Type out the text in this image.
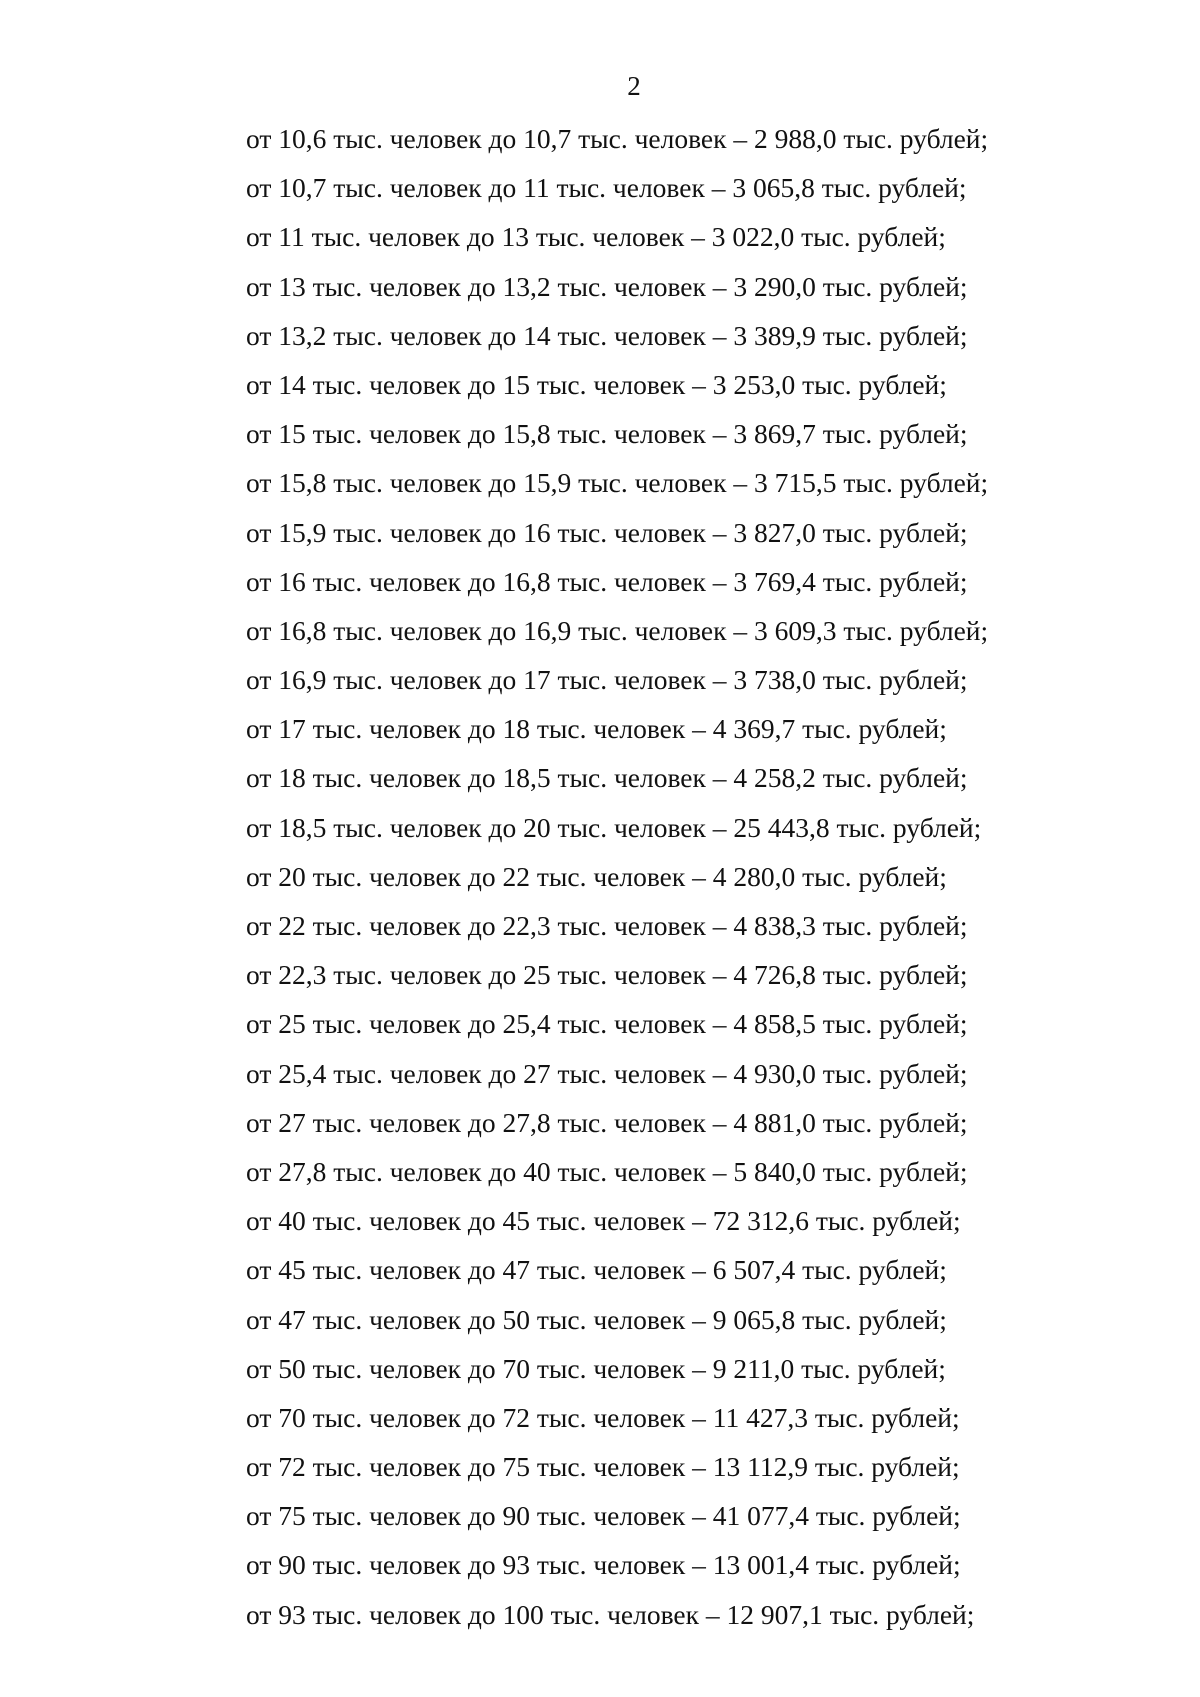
2
от 10,6 тыс. человек до 10,7 тыс. человек – 2 988,0 тыс. рублей;
от 10,7 тыс. человек до 11 тыс. человек – 3 065,8 тыс. рублей;
от 11 тыс. человек до 13 тыс. человек – 3 022,0 тыс. рублей;
от 13 тыс. человек до 13,2 тыс. человек – 3 290,0 тыс. рублей;
от 13,2 тыс. человек до 14 тыс. человек – 3 389,9 тыс. рублей;
от 14 тыс. человек до 15 тыс. человек – 3 253,0 тыс. рублей;
от 15 тыс. человек до 15,8 тыс. человек – 3 869,7 тыс. рублей;
от 15,8 тыс. человек до 15,9 тыс. человек – 3 715,5 тыс. рублей;
от 15,9 тыс. человек до 16 тыс. человек – 3 827,0 тыс. рублей;
от 16 тыс. человек до 16,8 тыс. человек – 3 769,4 тыс. рублей;
от 16,8 тыс. человек до 16,9 тыс. человек – 3 609,3 тыс. рублей;
от 16,9 тыс. человек до 17 тыс. человек – 3 738,0 тыс. рублей;
от 17 тыс. человек до 18 тыс. человек – 4 369,7 тыс. рублей;
от 18 тыс. человек до 18,5 тыс. человек – 4 258,2 тыс. рублей;
от 18,5 тыс. человек до 20 тыс. человек – 25 443,8 тыс. рублей;
от 20 тыс. человек до 22 тыс. человек – 4 280,0 тыс. рублей;
от 22 тыс. человек до 22,3 тыс. человек – 4 838,3 тыс. рублей;
от 22,3 тыс. человек до 25 тыс. человек – 4 726,8 тыс. рублей;
от 25 тыс. человек до 25,4 тыс. человек – 4 858,5 тыс. рублей;
от 25,4 тыс. человек до 27 тыс. человек – 4 930,0 тыс. рублей;
от 27 тыс. человек до 27,8 тыс. человек – 4 881,0 тыс. рублей;
от 27,8 тыс. человек до 40 тыс. человек – 5 840,0 тыс. рублей;
от 40 тыс. человек до 45 тыс. человек – 72 312,6 тыс. рублей;
от 45 тыс. человек до 47 тыс. человек – 6 507,4 тыс. рублей;
от 47 тыс. человек до 50 тыс. человек – 9 065,8 тыс. рублей;
от 50 тыс. человек до 70 тыс. человек – 9 211,0 тыс. рублей;
от 70 тыс. человек до 72 тыс. человек – 11 427,3 тыс. рублей;
от 72 тыс. человек до 75 тыс. человек – 13 112,9 тыс. рублей;
от 75 тыс. человек до 90 тыс. человек – 41 077,4 тыс. рублей;
от 90 тыс. человек до 93 тыс. человек – 13 001,4 тыс. рублей;
от 93 тыс. человек до 100 тыс. человек – 12 907,1 тыс. рублей;
